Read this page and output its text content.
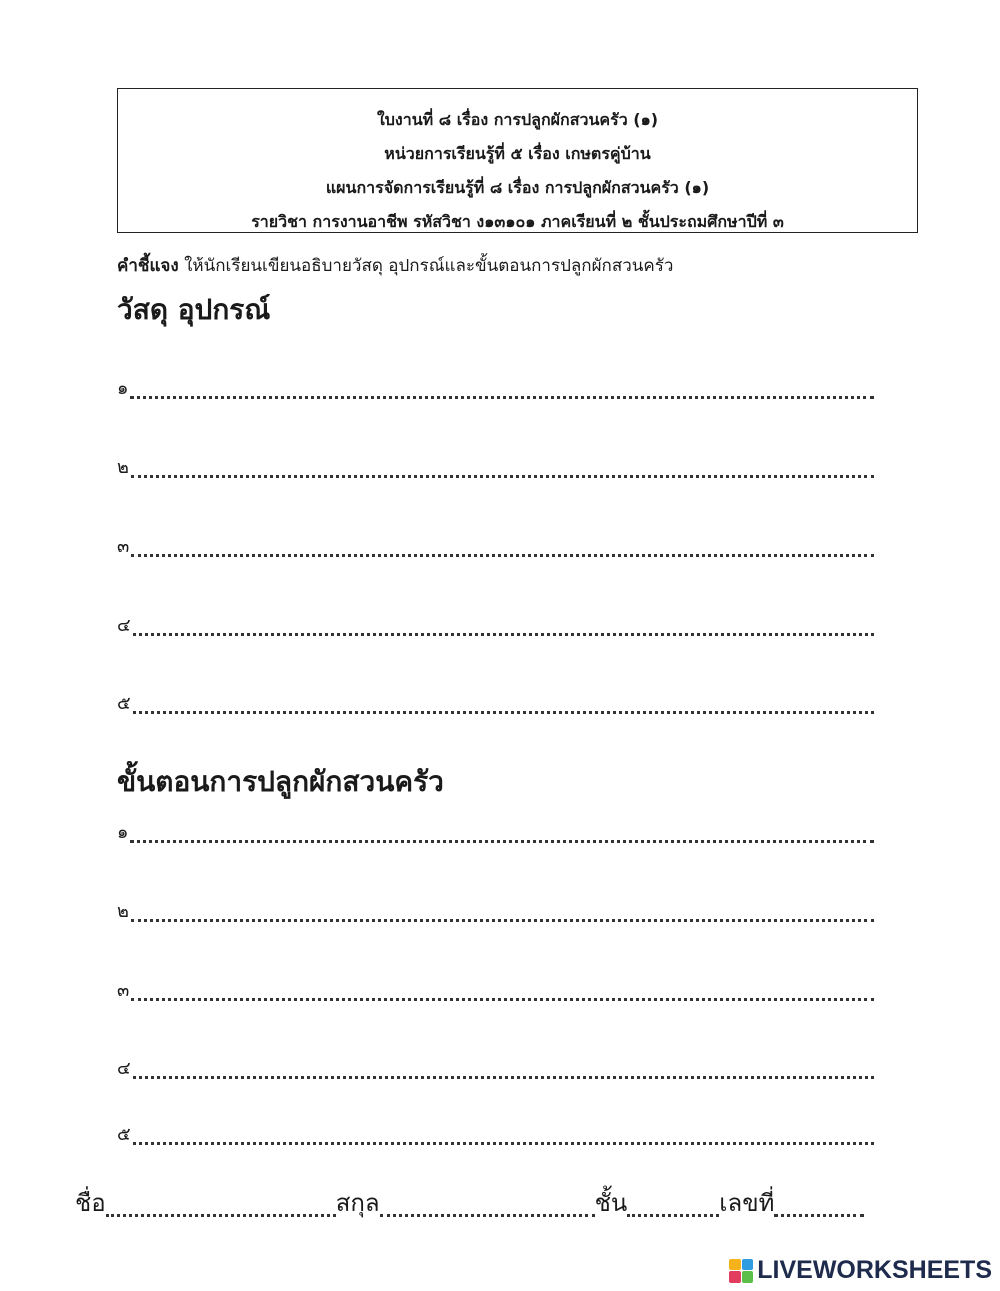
ใบงานที่ ๘ เรื่อง การปลูกผักสวนครัว (๑)
หน่วยการเรียนรู้ที่ ๕ เรื่อง เกษตรคู่บ้าน
แผนการจัดการเรียนรู้ที่ ๘ เรื่อง การปลูกผักสวนครัว (๑)
รายวิชา การงานอาชีพ รหัสวิชา ง๑๓๑๐๑ ภาคเรียนที่ ๒ ชั้นประถมศึกษาปีที่ ๓
คำชี้แจง ให้นักเรียนเขียนอธิบายวัสดุ อุปกรณ์และขั้นตอนการปลูกผักสวนครัว
วัสดุ อุปกรณ์
๑
๒
๓
๔
๕
ขั้นตอนการปลูกผักสวนครัว
๑
๒
๓
๔
๕
ชื่อ	สกุล	ชั้น	เลขที่
LIVEWORKSHEETS
